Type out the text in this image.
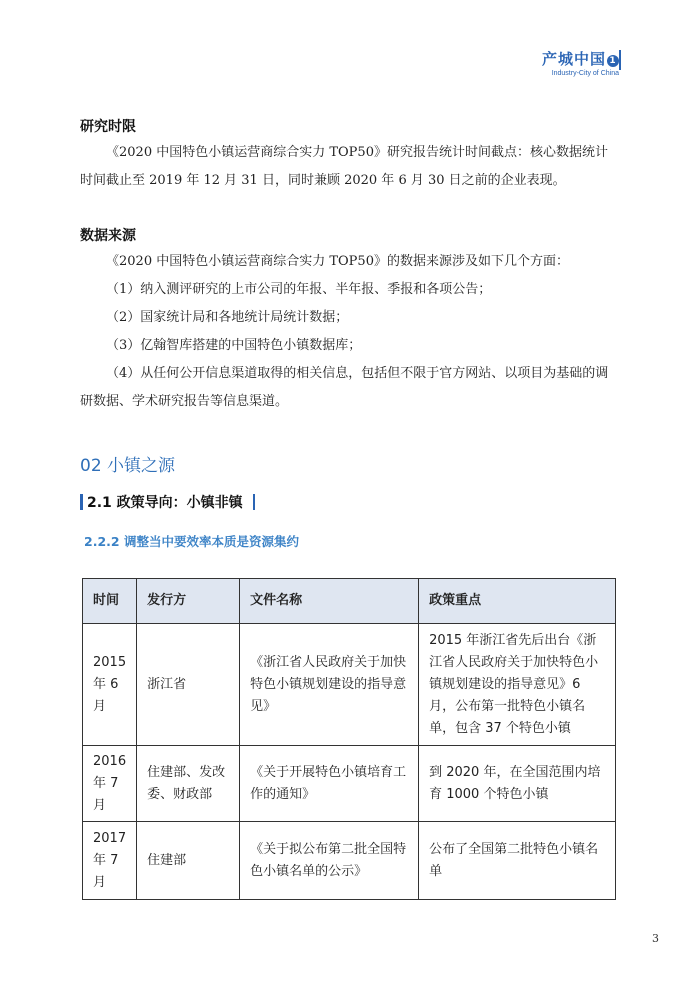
产城中国 1
Industry-City of China
研究时限

《2020 中国特色小镇运营商综合实力 TOP50》研究报告统计时间截点：核心数据统计时间截止至 2019 年 12 月 31 日，同时兼顾 2020 年 6 月 30 日之前的企业表现。

数据来源

《2020 中国特色小镇运营商综合实力 TOP50》的数据来源涉及如下几个方面：

（1）纳入测评研究的上市公司的年报、半年报、季报和各项公告；

（2）国家统计局和各地统计局统计数据；

（3）亿翰智库搭建的中国特色小镇数据库；

（4）从任何公开信息渠道取得的相关信息，包括但不限于官方网站、以项目为基础的调研数据、学术研究报告等信息渠道。

02 小镇之源
2.1 政策导向：小镇非镇
2.2.2 调整当中要效率本质是资源集约
时间	发行方	文件名称	政策重点
2015 年 6 月	浙江省	《浙江省人民政府关于加快特色小镇规划建设的指导意见》	2015 年浙江省先后出台《浙江省人民政府关于加快特色小镇规划建设的指导意见》6 月，公布第一批特色小镇名单，包含 37 个特色小镇
2016 年 7 月	住建部、发改委、财政部	《关于开展特色小镇培育工作的通知》	到 2020 年，在全国范围内培育 1000 个特色小镇
2017 年 7 月	住建部	《关于拟公布第二批全国特色小镇名单的公示》	公布了全国第二批特色小镇名单
3
